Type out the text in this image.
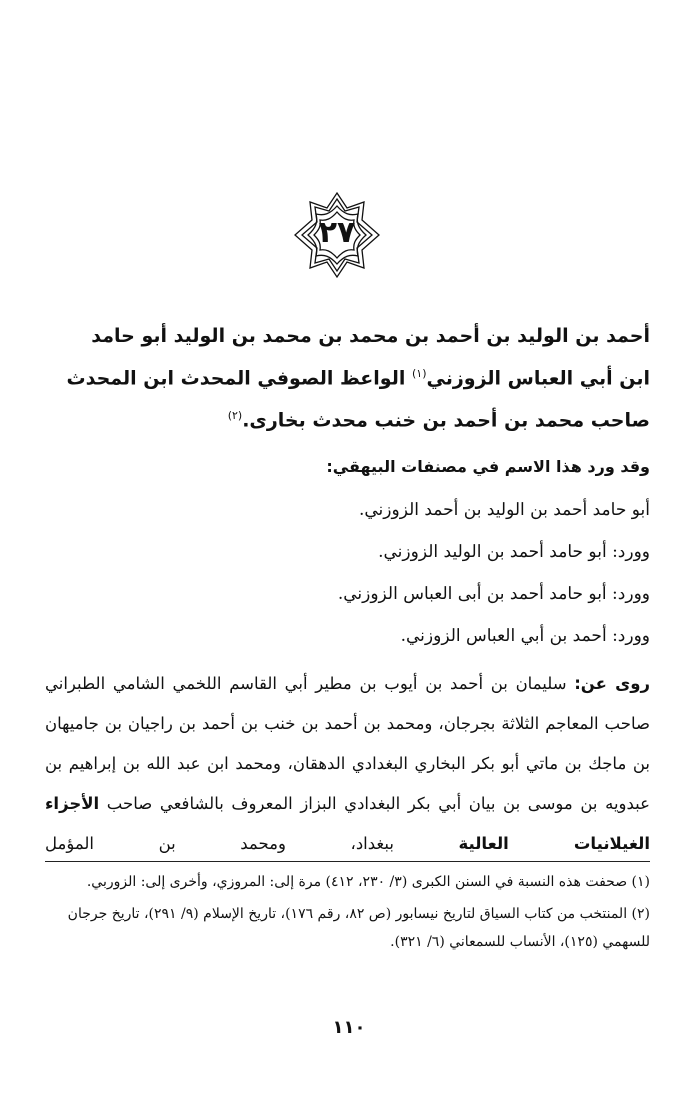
٢٧
أحمد بن الوليد بن أحمد بن محمد بن محمد بن الوليد أبو حامد
ابن أبي العباس الزوزني$^{(١)}$ الواعظ الصوفي المحدث ابن المحدث
صاحب محمد بن أحمد بن خنب محدث بخارى.$^{(٢)}$
وقد ورد هذا الاسم في مصنفات البيهقي:
أبو حامد أحمد بن الوليد بن أحمد الزوزني.
وورد: أبو حامد أحمد بن الوليد الزوزني.
وورد: أبو حامد أحمد بن أبى العباس الزوزني.
وورد: أحمد بن أبي العباس الزوزني.
روى عن: سليمان بن أحمد بن أيوب بن مطير أبي القاسم اللخمي الشامي الطبراني صاحب المعاجم الثلاثة بجرجان، ومحمد بن أحمد بن خنب بن أحمد بن راجيان بن جاميهان بن ماجك بن ماتي أبو بكر البخاري البغدادي الدهقان، ومحمد ابن عبد الله بن إبراهيم بن عبدويه بن موسى بن بيان أبي بكر البغدادي البزاز المعروف بالشافعي صاحب الأجزاء الغيلانيات العالية ببغداد، ومحمد بن المؤمل
(١) صحفت هذه النسبة في السنن الكبرى (٣/ ٢٣٠، ٤١٢) مرة إلى: المروزي، وأخرى إلى: الزوربي.
(٢) المنتخب من كتاب السياق لتاريخ نيسابور (ص ٨٢، رقم ١٧٦)، تاريخ الإسلام (٩/ ٢٩١)، تاريخ جرجان للسهمي (١٢٥)، الأنساب للسمعاني (٦/ ٣٢١).
١١٠
